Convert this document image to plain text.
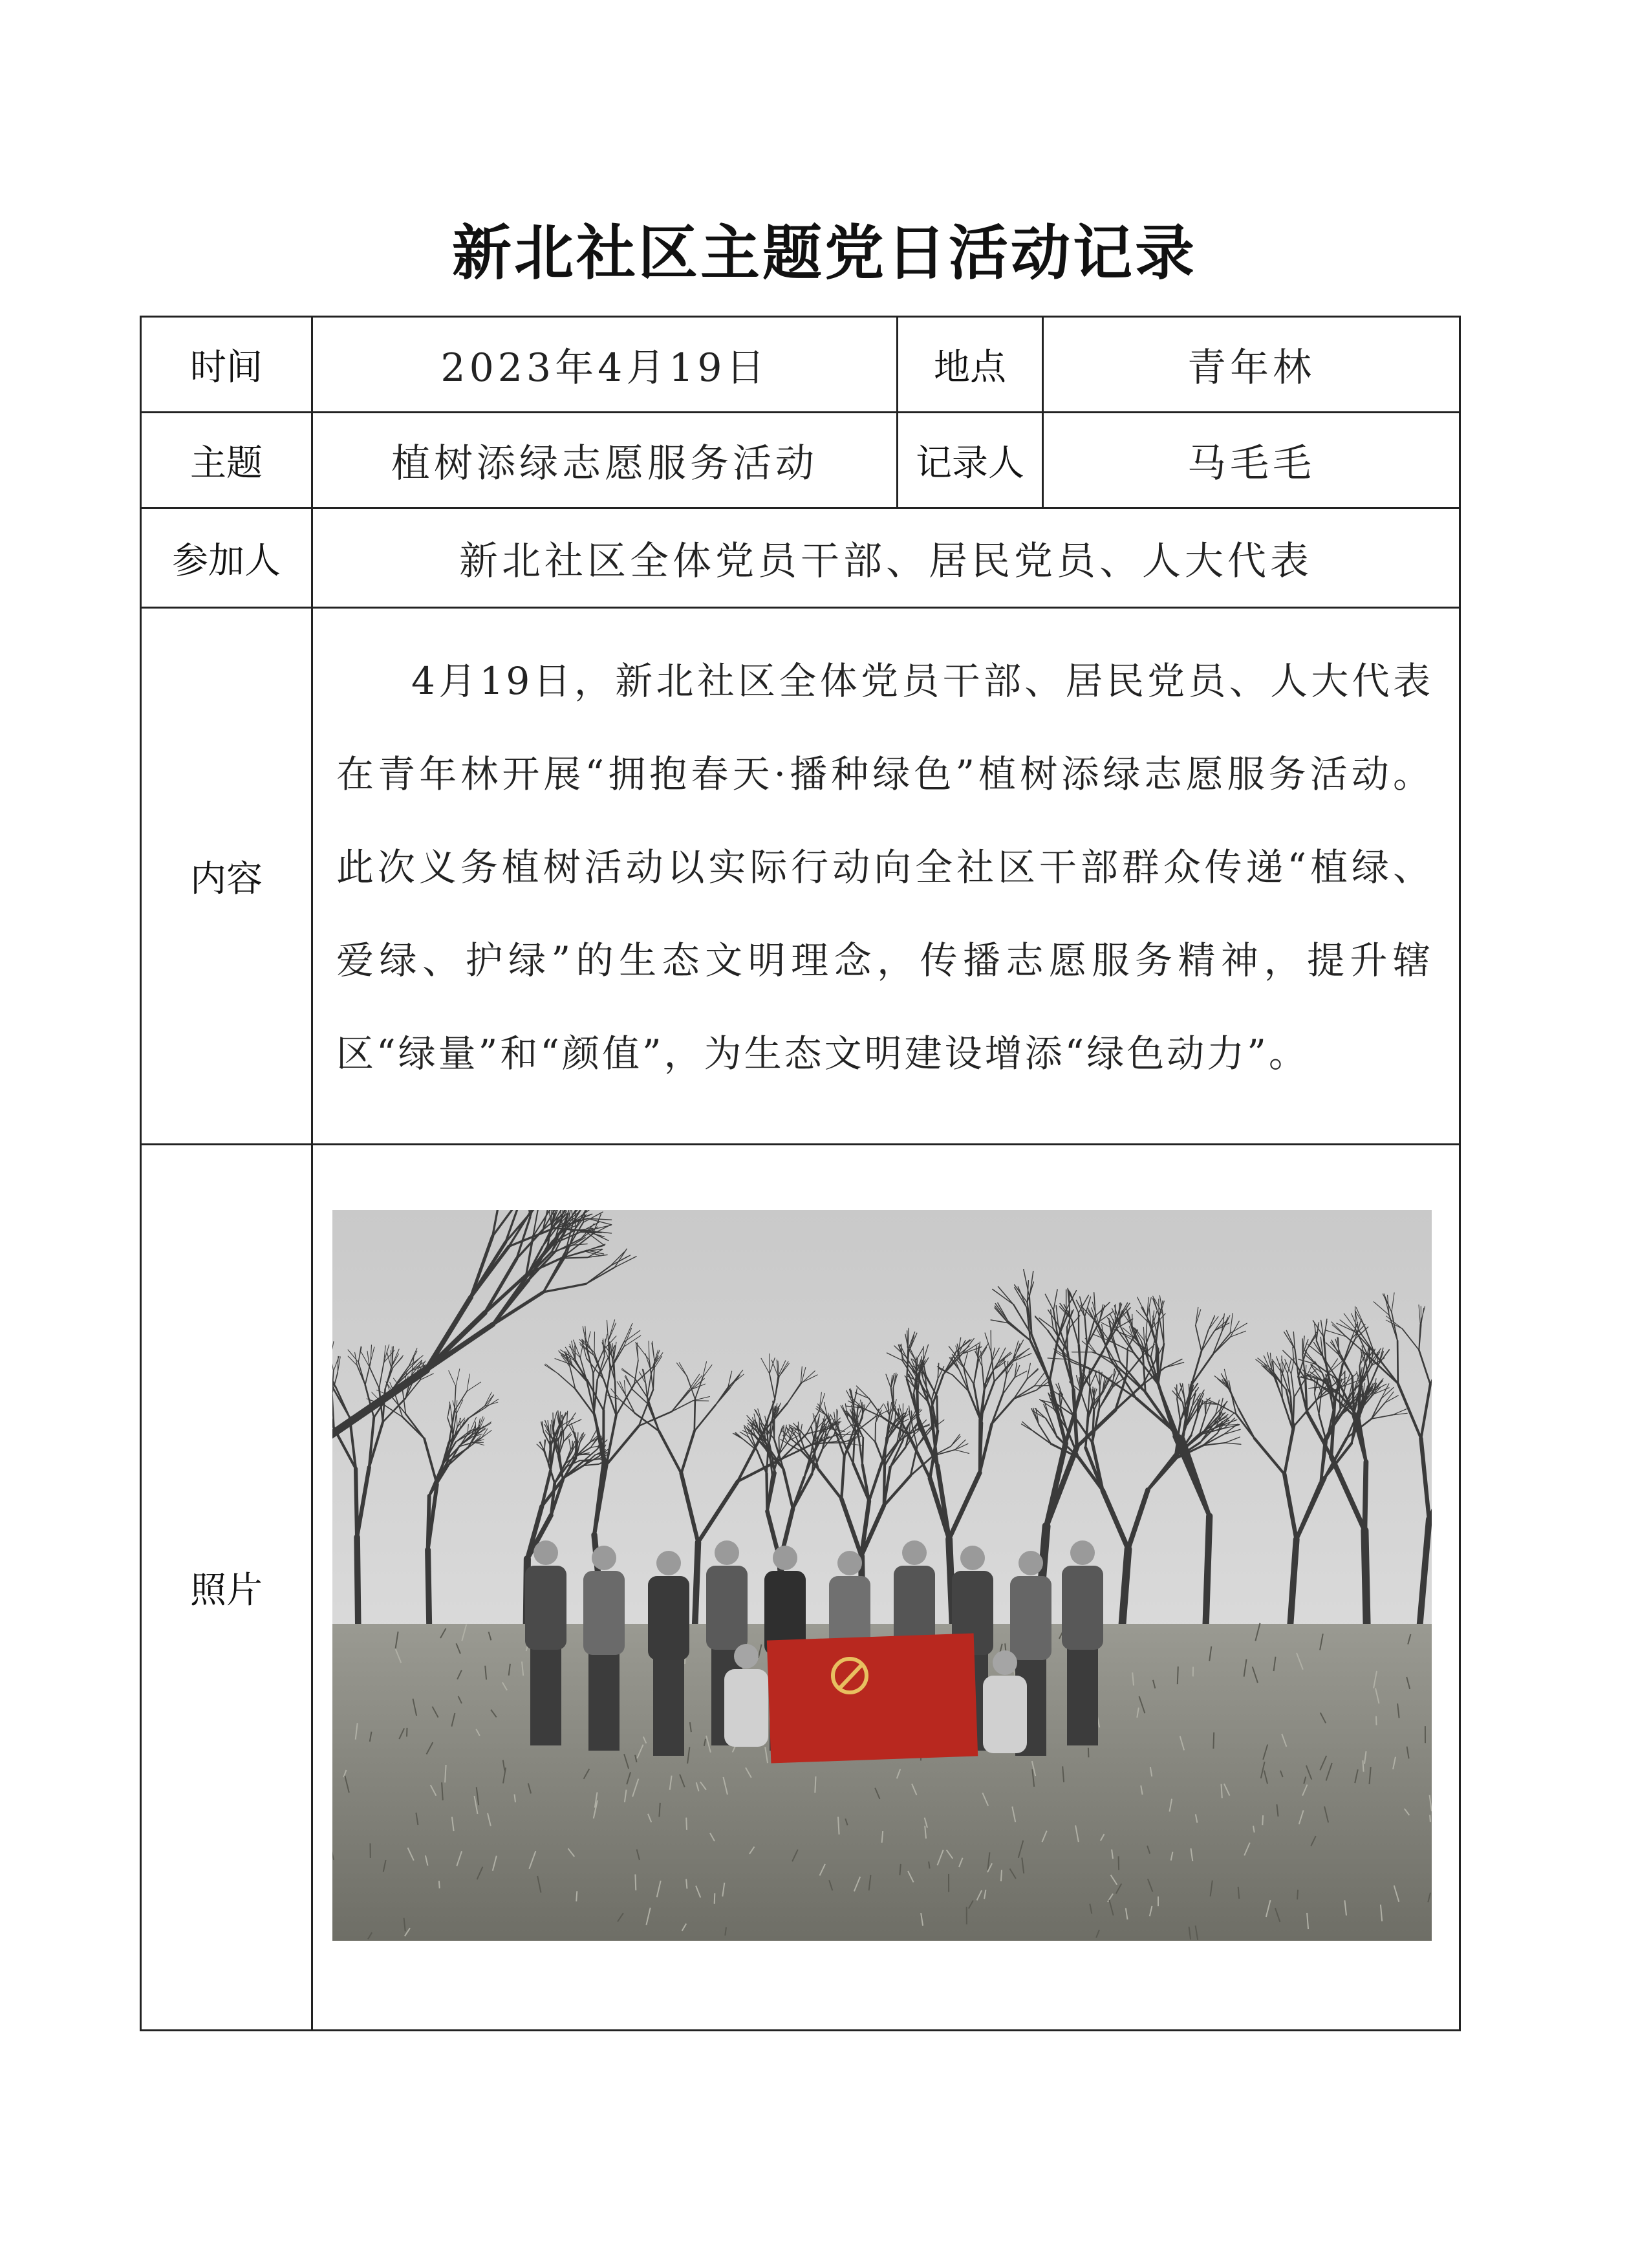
新北社区主题党日活动记录
时间	2023年4月19日	地点	青年林
主题	植树添绿志愿服务活动	记录人	马毛毛
参加人	新北社区全体党员干部、居民党员、人大代表		
内容	4月19日，新北社区全体党员干部、居民党员、人大代表在青年林开展“拥抱春天·播种绿色”植树添绿志愿服务活动。此次义务植树活动以实际行动向全社区干部群众传递“植绿、爱绿、护绿”的生态文明理念，传播志愿服务精神，提升辖区“绿量”和“颜值”，为生态文明建设增添“绿色动力”。		

照片	
